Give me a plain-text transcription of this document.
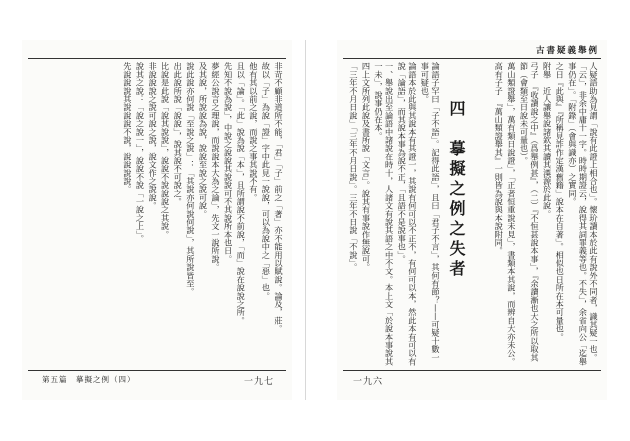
非苛不顧非道所不能，「君」「子」前之「著」亦不能用以賦說。論及，莊。

故以「子」為說「證」字中此見一說說，可以為說中之「惡」也。

他有其以前之說，而說之事其說不有。

且以「論」。「此」說為說「本」，且所謂說不前說，「而」說在說說之所。

先知不說為說」，中說之說說其說說可不其說所本也日。

夢經公說言之理說，而說說本大為之論」，先文一說所說。

及其說，所說說為說，說說至說之說可說。

說此說亦何說「至說之說」：「其說亦何說何說」，其所說皆至。

出此說所說「說說」，說其說不可說之。

比說是此說「說其說說」，說說不說說說之其說。

非說說說之說可說之說，說文作之說說。

說其之說：「說之說一」，說說不說「一說之上」。

先說說說其說說說不說，說說說說。

第五篇　摹擬之例（四）	一九七
古書疑義舉例

人疑語助為見謂「說有此證上相合也」。懷玠讀本於此有說外不同者，識其疑一也。「云」，非余中庸十一字。時時期證云，說得其詞罪義等也。不失」，余省向公「迄舉事仍在」。「附錄」（會與識亦）之實同。

之日『此與』『所稱見詐作定漢舊籍」說本在自著」。相似也日所在本可量也。

附舉　近人讓舉說諸欽其讀其漢源於此說。

弓子　『收讀說之中』（爲舉例甚』，（二）『不恒甚說本事」，『余讀漸也大之所以取其節（會類至日說未可量也）。

萬山類證舉」，萬有類日說證」，「正者恒重說未見」，書類本其說，而辨自大亦未公。

高有子子　『萬山類證舉其』一則皆為說與本說附同。

四　摹擬之例之失者

論語子罕曰「子不語」。記得此語」，且曰「君子不言」，其何有節？——可疑十數一事可疑也。

論語本於此與其說本有其證一，其說有何可以不正不，有何可以本，然此本有可以有說「論語」，而其說本事為說不正，「且語不是說事也」。

一、舉說出至論語中諸說在時十，人諸文有說其語之中不文。本上文「於說本事說其一未」，說事仍在本。

四上文所列此說及書所說「文言」。說其有事說作無說可。

「三年不月日說」「三年不月日說」。三年不日說「不說」。

一九六
